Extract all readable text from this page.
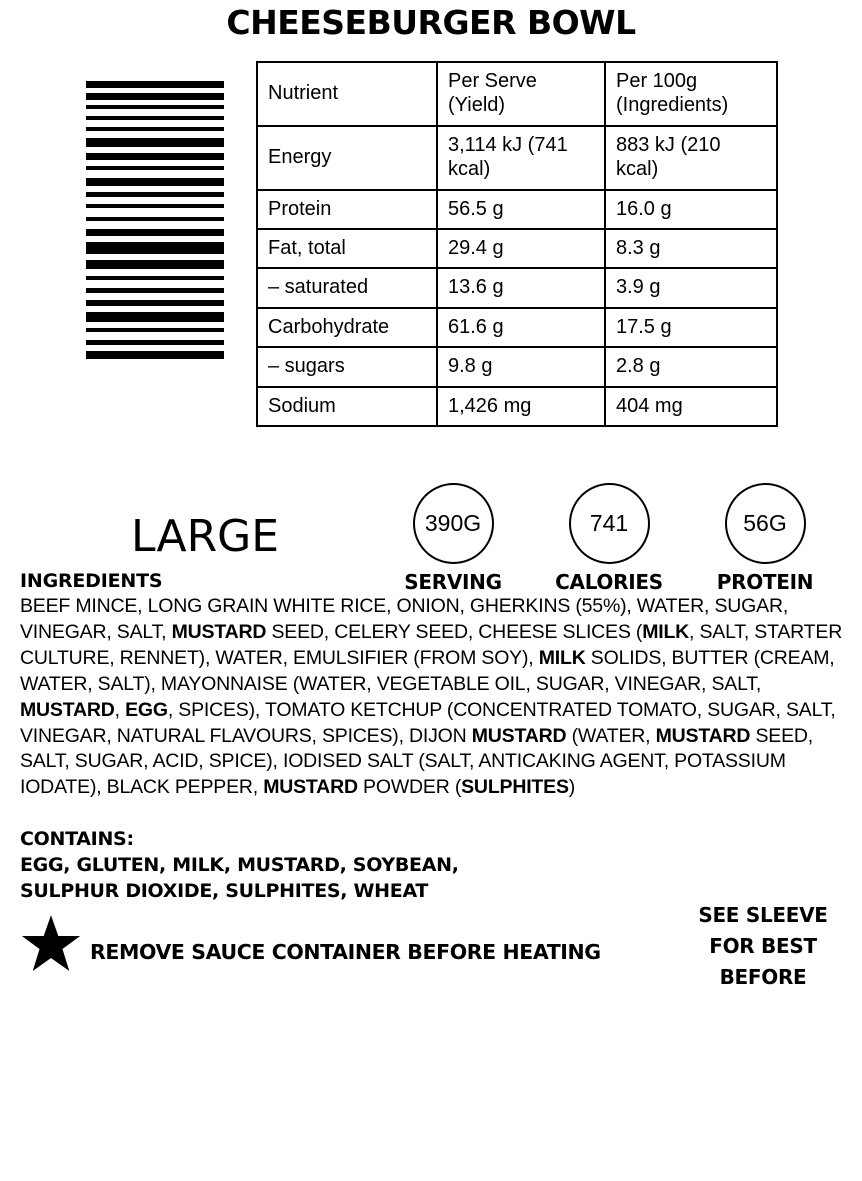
CHEESEBURGER BOWL
Nutrient	Per Serve (Yield)	Per 100g (Ingredients)
Energy	3,114 kJ (741 kcal)	883 kJ (210 kcal)
Protein	56.5 g	16.0 g
Fat, total	29.4 g	8.3 g
– saturated	13.6 g	3.9 g
Carbohydrate	61.6 g	17.5 g
– sugars	9.8 g	2.8 g
Sodium	1,426 mg	404 mg
LARGE	390G
SERVING
741
CALORIES
56G
PROTEIN
INGREDIENTS
BEEF MINCE, LONG GRAIN WHITE RICE, ONION, GHERKINS (55%), WATER, SUGAR, VINEGAR, SALT, MUSTARD SEED, CELERY SEED, CHEESE SLICES (MILK, SALT, STARTER CULTURE, RENNET), WATER, EMULSIFIER (FROM SOY), MILK SOLIDS, BUTTER (CREAM, WATER, SALT), MAYONNAISE (WATER, VEGETABLE OIL, SUGAR, VINEGAR, SALT, MUSTARD, EGG, SPICES), TOMATO KETCHUP (CONCENTRATED TOMATO, SUGAR, SALT, VINEGAR, NATURAL FLAVOURS, SPICES), DIJON MUSTARD (WATER, MUSTARD SEED, SALT, SUGAR, ACID, SPICE), IODISED SALT (SALT, ANTICAKING AGENT, POTASSIUM IODATE), BLACK PEPPER, MUSTARD POWDER (SULPHITES)
CONTAINS:
EGG, GLUTEN, MILK, MUSTARD, SOYBEAN,
SULPHUR DIOXIDE, SULPHITES, WHEAT
REMOVE SAUCE CONTAINER BEFORE HEATING
SEE SLEEVE
FOR BEST
BEFORE
